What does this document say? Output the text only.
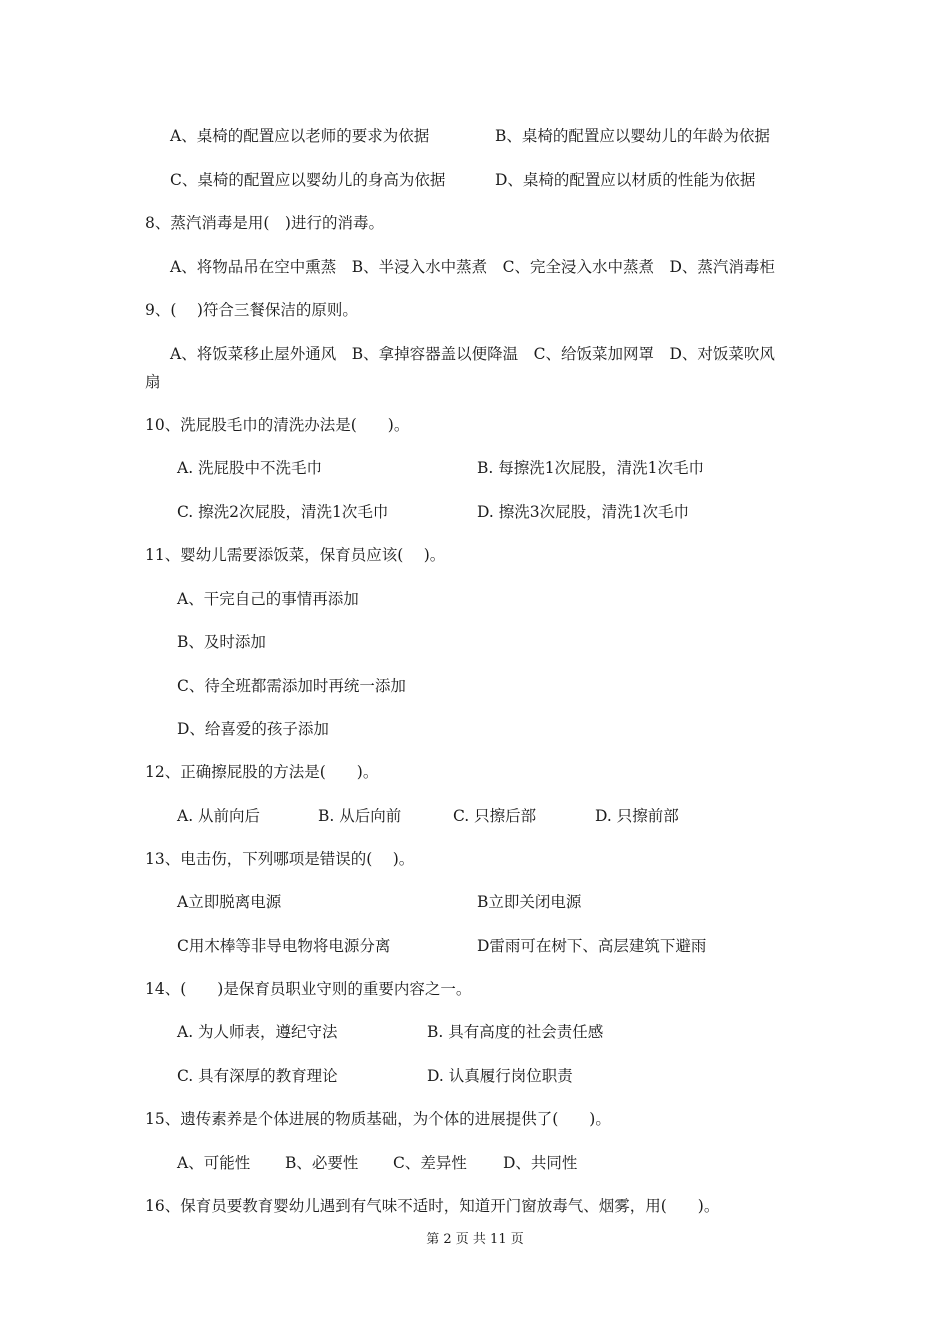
A、桌椅的配置应以老师的要求为依据	B、桌椅的配置应以婴幼儿的年龄为依据
C、桌椅的配置应以婴幼儿的身高为依据	D、桌椅的配置应以材质的性能为依据
8、蒸汽消毒是用(　)进行的消毒。
A、将物品吊在空中熏蒸　B、半浸入水中蒸煮　C、完全浸入水中蒸煮　D、蒸汽消毒柜
9、(　 )符合三餐保洁的原则。
A、将饭菜移止屋外通风　B、拿掉容器盖以便降温　C、给饭菜加网罩　D、对饭菜吹风
扇
10、洗屁股毛巾的清洗办法是(　　)。
A. 洗屁股中不洗毛巾	B. 每擦洗1次屁股，清洗1次毛巾
C. 擦洗2次屁股，清洗1次毛巾	D. 擦洗3次屁股，清洗1次毛巾
11、婴幼儿需要添饭菜，保育员应该(　 )。
A、干完自己的事情再添加
B、及时添加
C、待全班都需添加时再统一添加
D、给喜爱的孩子添加
12、正确擦屁股的方法是(　　)。
A. 从前向后	B. 从后向前	C. 只擦后部	D. 只擦前部
13、电击伤，下列哪项是错误的(　 )。
A立即脱离电源	B立即关闭电源
C用木棒等非导电物将电源分离	D雷雨可在树下、高层建筑下避雨
14、(　　)是保育员职业守则的重要内容之一。
A. 为人师表，遵纪守法	B. 具有高度的社会责任感
C. 具有深厚的教育理论	D. 认真履行岗位职责
15、遗传素养是个体进展的物质基础，为个体的进展提供了(　　)。
A、可能性 B、必要性 C、差异性 D、共同性
16、保育员要教育婴幼儿遇到有气味不适时，知道开门窗放毒气、烟雾，用(　　)。
第 2 页 共 11 页
